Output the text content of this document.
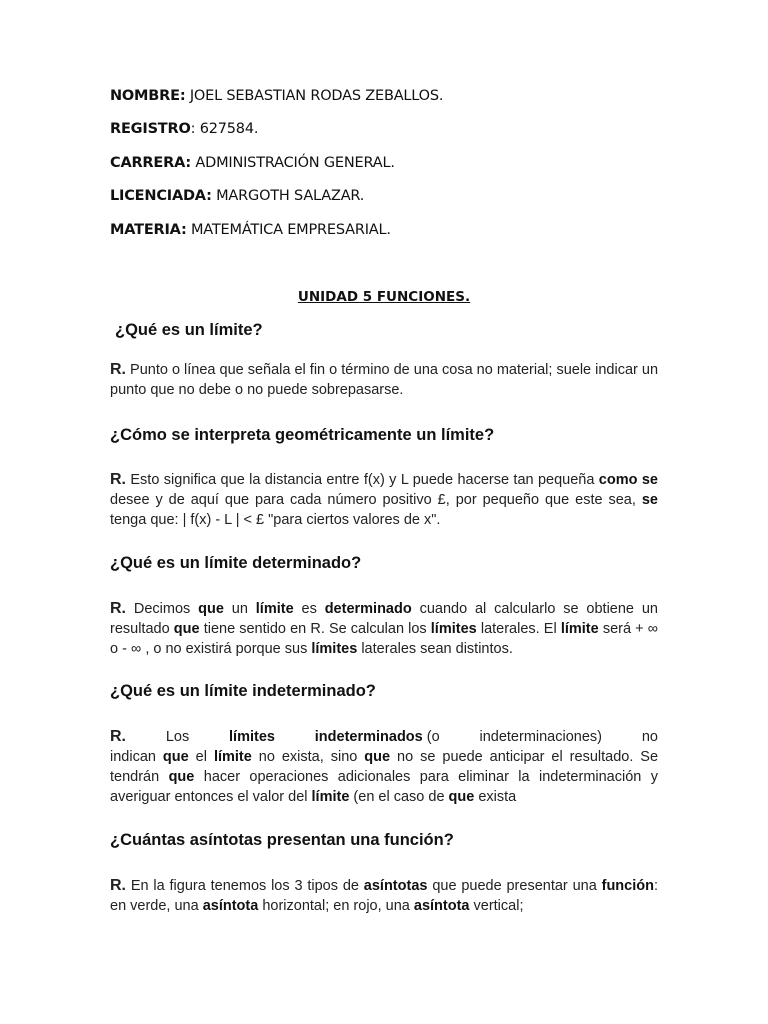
NOMBRE: JOEL SEBASTIAN RODAS ZEBALLOS.
REGISTRO: 627584.
CARRERA: ADMINISTRACIÓN GENERAL.
LICENCIADA: MARGOTH SALAZAR.
MATERIA: MATEMÁTICA EMPRESARIAL.
UNIDAD 5 FUNCIONES.
¿Qué es un límite?
R. Punto o línea que señala el fin o término de una cosa no material; suele indicar un punto que no debe o no puede sobrepasarse.
¿Cómo se interpreta geométricamente un límite?
R. Esto significa que la distancia entre f(x) y L puede hacerse tan pequeña como se desee y de aquí que para cada número positivo £, por pequeño que este sea, se tenga que: | f(x) - L | < £ "para ciertos valores de x".
¿Qué es un límite determinado?
R. Decimos que un límite es determinado cuando al calcularlo se obtiene un resultado que tiene sentido en R. Se calculan los límites laterales. El límite será + ∞ o - ∞ , o no existirá porque sus límites laterales sean distintos.
¿Qué es un límite indeterminado?
R.	Los	límites	indeterminados (o	indeterminaciones)	no
indican que el límite no exista, sino que no se puede anticipar el resultado. Se tendrán que hacer operaciones adicionales para eliminar la indeterminación y averiguar entonces el valor del límite (en el caso de que exista
¿Cuántas asíntotas presentan una función?
R. En la figura tenemos los 3 tipos de asíntotas que puede presentar una función: en verde, una asíntota horizontal; en rojo, una asíntota vertical;
